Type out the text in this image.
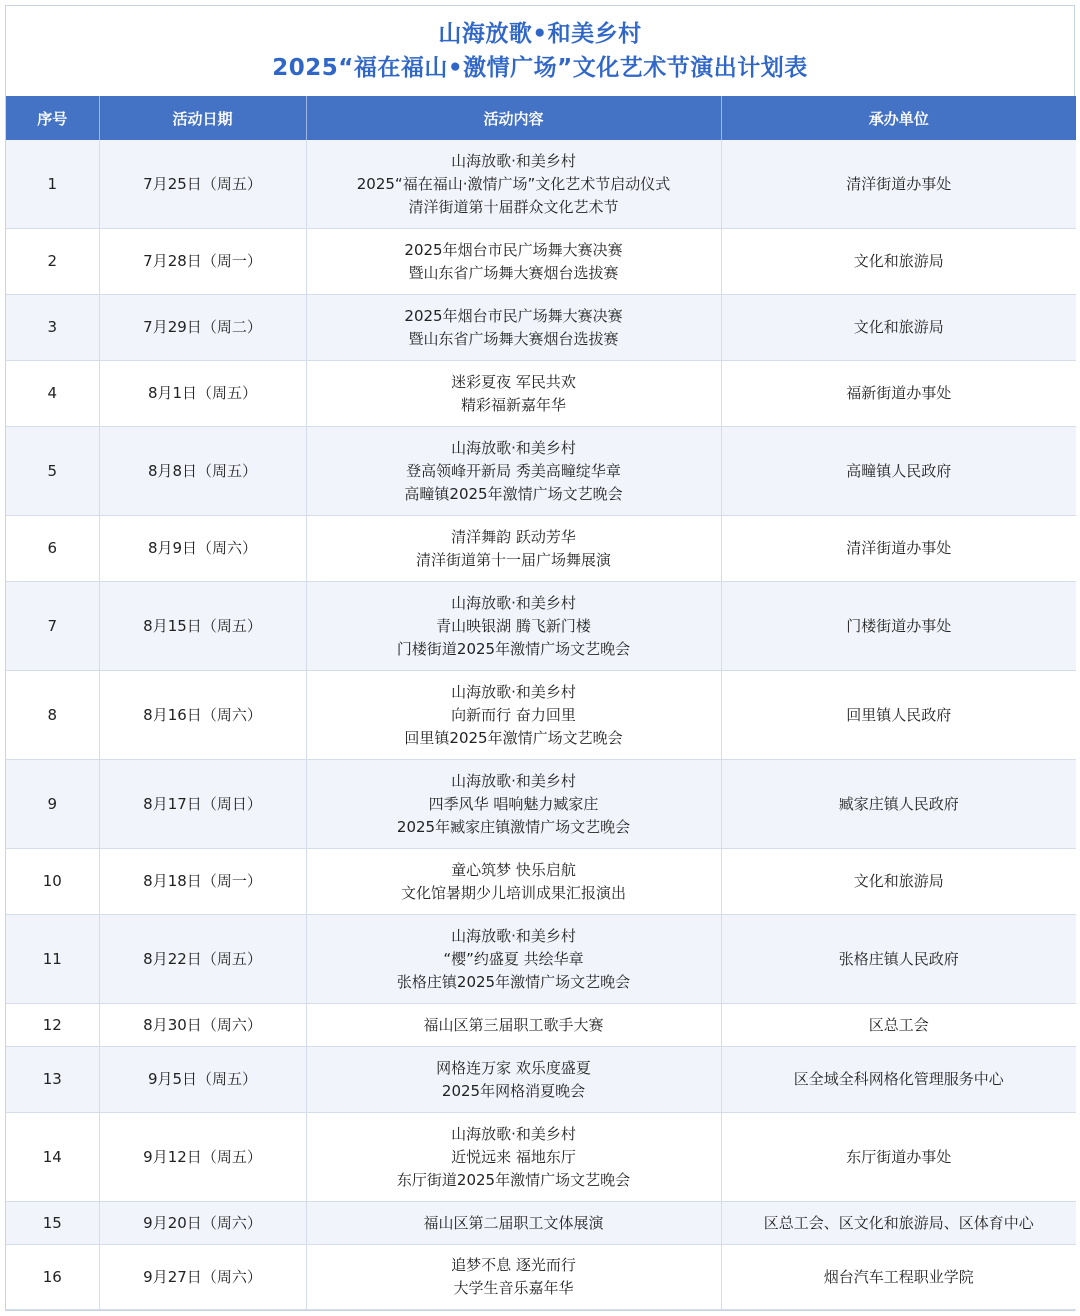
山海放歌•和美乡村
2025“福在福山•激情广场”文化艺术节演出计划表
序号	活动日期	活动内容	承办单位
1	7月25日（周五）	山海放歌·和美乡村
2025“福在福山·激情广场”文化艺术节启动仪式
清洋街道第十届群众文化艺术节	清洋街道办事处
2	7月28日（周一）	2025年烟台市民广场舞大赛决赛
暨山东省广场舞大赛烟台选拔赛	文化和旅游局
3	7月29日（周二）	2025年烟台市民广场舞大赛决赛
暨山东省广场舞大赛烟台选拔赛	文化和旅游局
4	8月1日（周五）	迷彩夏夜 军民共欢
精彩福新嘉年华	福新街道办事处
5	8月8日（周五）	山海放歌·和美乡村
登高领峰开新局 秀美高疃绽华章
高疃镇2025年激情广场文艺晚会	高疃镇人民政府
6	8月9日（周六）	清洋舞韵 跃动芳华
清洋街道第十一届广场舞展演	清洋街道办事处
7	8月15日（周五）	山海放歌·和美乡村
青山映银湖 腾飞新门楼
门楼街道2025年激情广场文艺晚会	门楼街道办事处
8	8月16日（周六）	山海放歌·和美乡村
向新而行 奋力回里
回里镇2025年激情广场文艺晚会	回里镇人民政府
9	8月17日（周日）	山海放歌·和美乡村
四季风华 唱响魅力臧家庄
2025年臧家庄镇激情广场文艺晚会	臧家庄镇人民政府
10	8月18日（周一）	童心筑梦 快乐启航
文化馆暑期少儿培训成果汇报演出	文化和旅游局
11	8月22日（周五）	山海放歌·和美乡村
“樱”约盛夏 共绘华章
张格庄镇2025年激情广场文艺晚会	张格庄镇人民政府
12	8月30日（周六）	福山区第三届职工歌手大赛	区总工会
13	9月5日（周五）	网格连万家 欢乐度盛夏
2025年网格消夏晚会	区全域全科网格化管理服务中心
14	9月12日（周五）	山海放歌·和美乡村
近悦远来 福地东厅
东厅街道2025年激情广场文艺晚会	东厅街道办事处
15	9月20日（周六）	福山区第二届职工文体展演	区总工会、区文化和旅游局、区体育中心
16	9月27日（周六）	追梦不息 逐光而行
大学生音乐嘉年华	烟台汽车工程职业学院
